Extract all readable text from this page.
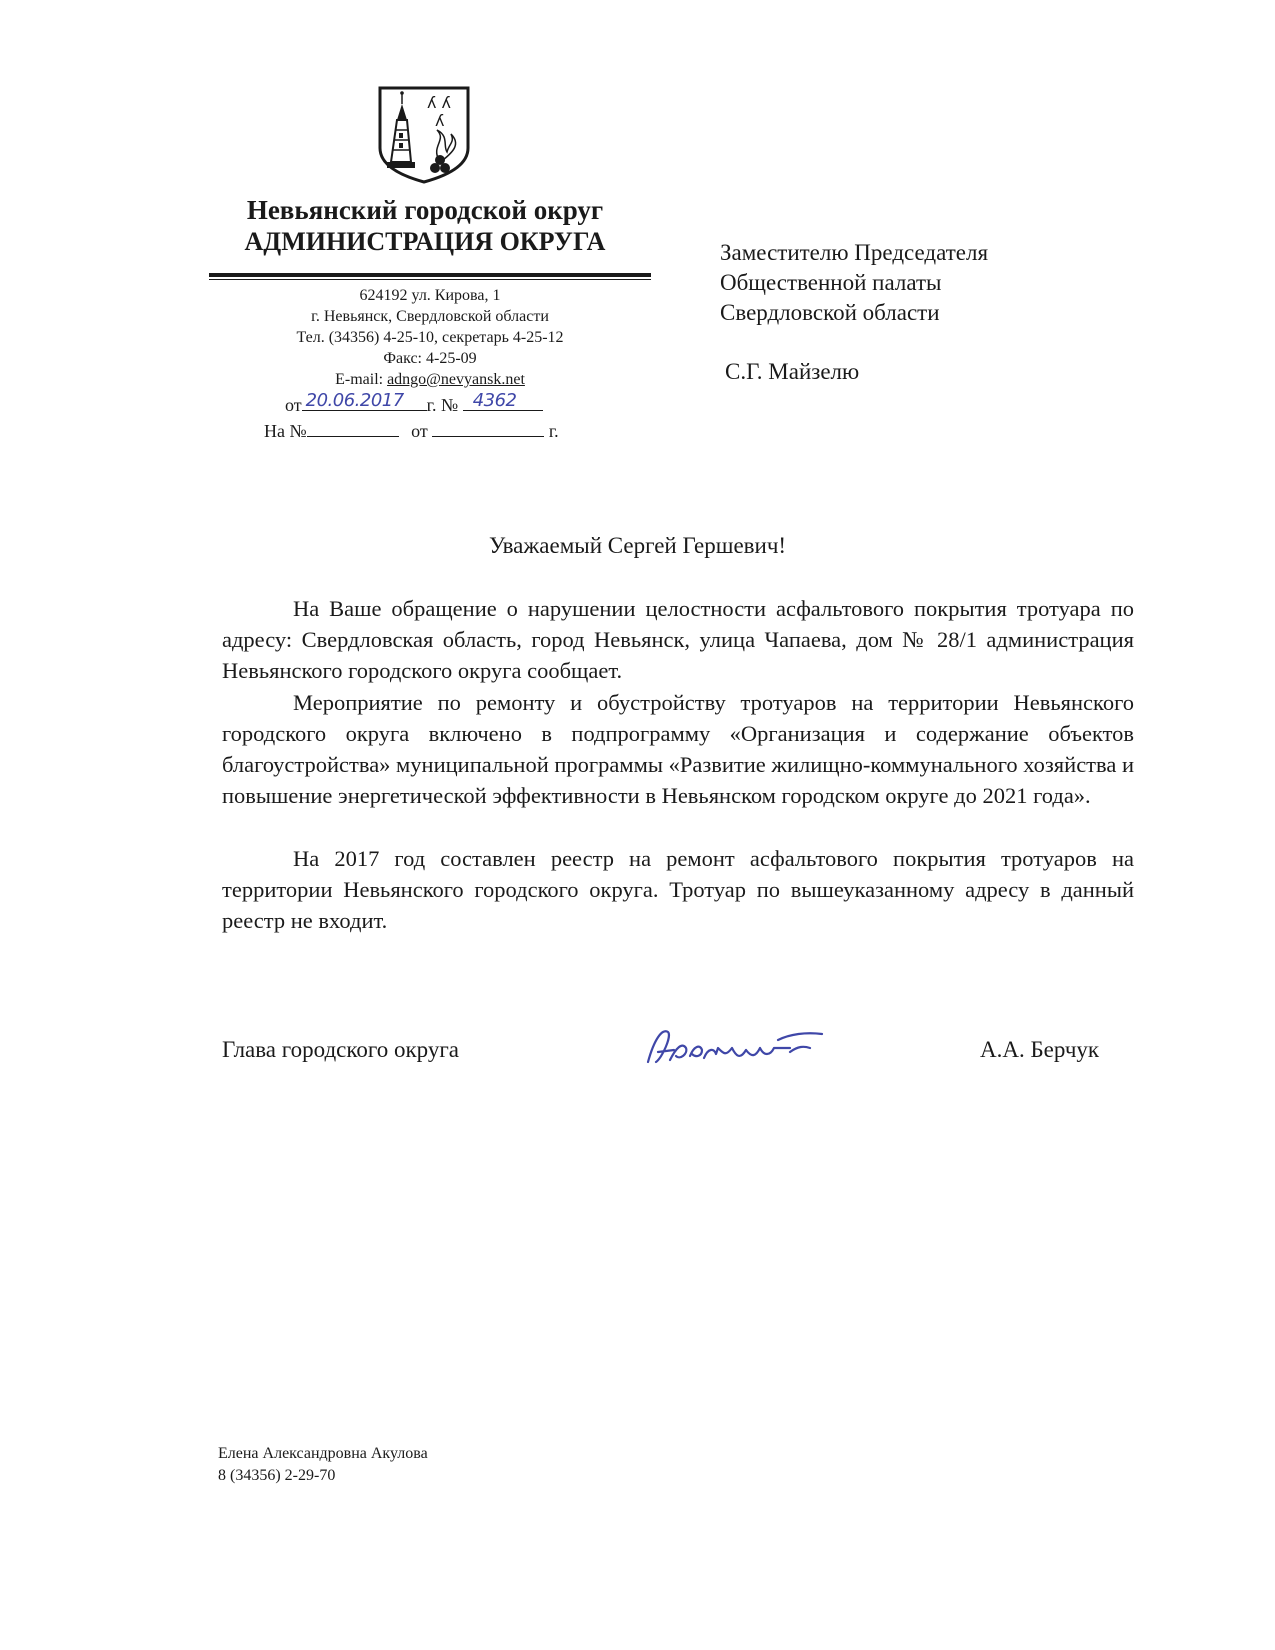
ʎ ʎ
ʎ
Невьянский городской округ
АДМИНИСТРАЦИЯ ОКРУГА
624192 ул. Кирова, 1
г. Невьянск, Свердловской области
Тел. (34356) 4-25-10, секретарь 4-25-12
Факс: 4-25-09
E-mail: adngo@nevyansk.net
от 20.06.2017 г. № 4362
На №	от	г.
Заместителю Председателя
Общественной палаты
Свердловской области
С.Г. Майзелю
Уважаемый Сергей Гершевич!

На Ваше обращение о нарушении целостности асфальтового покрытия тротуара по адресу: Свердловская область, город Невьянск, улица Чапаева, дом № 28/1 администрация Невьянского городского округа сообщает.

Мероприятие по ремонту и обустройству тротуаров на территории Невьянского городского округа включено в подпрограмму «Организация и содержание объектов благоустройства» муниципальной программы «Развитие жилищно-коммунального хозяйства и повышение энергетической эффективности в Невьянском городском округе до 2021 года».

На 2017 год составлен реестр на ремонт асфальтового покрытия тротуаров на территории Невьянского городского округа. Тротуар по вышеуказанному адресу в данный реестр не входит.

Глава городского округа	А.А. Берчук
Елена Александровна Акулова
8 (34356) 2-29-70
